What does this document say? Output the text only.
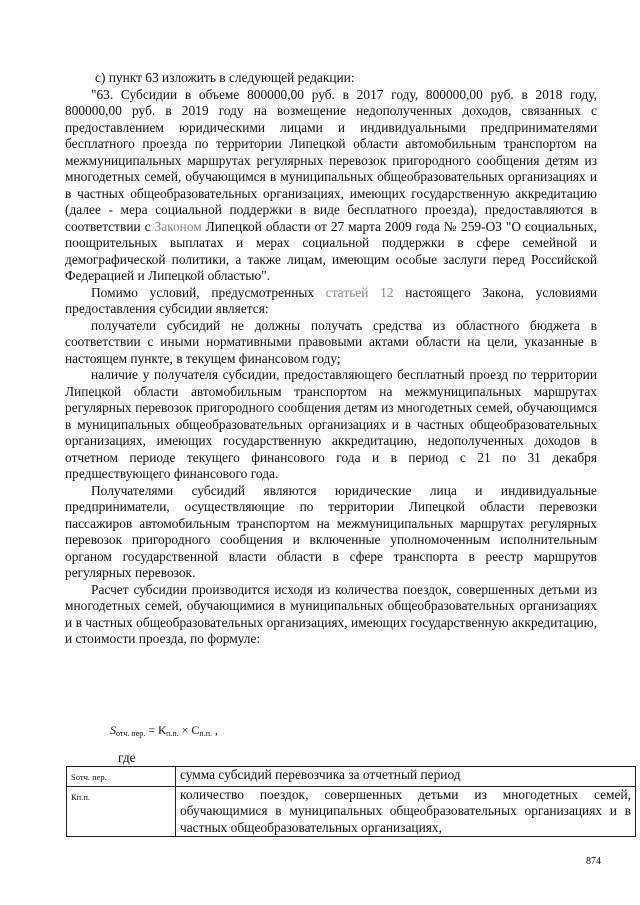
с) пункт 63 изложить в следующей редакции:

"63. Субсидии в объеме 800000,00 руб. в 2017 году, 800000,00 руб. в 2018 году, 800000,00 руб. в 2019 году на возмещение недополученных доходов, связанных с предоставлением юридическими лицами и индивидуальными предпринимателями бесплатного проезда по территории Липецкой области автомобильным транспортом на межмуниципальных маршрутах регулярных перевозок пригородного сообщения детям из многодетных семей, обучающимся в муниципальных общеобразовательных организациях и в частных общеобразовательных организациях, имеющих государственную аккредитацию (далее - мера социальной поддержки в виде бесплатного проезда), предоставляются в соответствии с Законом Липецкой области от 27 марта 2009 года № 259-ОЗ "О социальных, поощрительных выплатах и мерах социальной поддержки в сфере семейной и демографической политики, а также лицам, имеющим особые заслуги перед Российской Федерацией и Липецкой областью".

Помимо условий, предусмотренных статьей 12 настоящего Закона, условиями предоставления субсидии является:

получатели субсидий не должны получать средства из областного бюджета в соответствии с иными нормативными правовыми актами области на цели, указанные в настоящем пункте, в текущем финансовом году;

наличие у получателя субсидии, предоставляющего бесплатный проезд по территории Липецкой области автомобильным транспортом на межмуниципальных маршрутах регулярных перевозок пригородного сообщения детям из многодетных семей, обучающимся в муниципальных общеобразовательных организациях и в частных общеобразовательных организациях, имеющих государственную аккредитацию, недополученных доходов в отчетном периоде текущего финансового года и в период с 21 по 31 декабря предшествующего финансового года.

Получателями субсидий являются юридические лица и индивидуальные предприниматели, осуществляющие по территории Липецкой области перевозки пассажиров автомобильным транспортом на межмуниципальных маршрутах регулярных перевозок пригородного сообщения и включенные уполномоченным исполнительным органом государственной власти области в сфере транспорта в реестр маршрутов регулярных перевозок.

Расчет субсидии производится исходя из количества поездок, совершенных детьми из многодетных семей, обучающимися в муниципальных общеобразовательных организациях и в частных общеобразовательных организациях, имеющих государственную аккредитацию, и стоимости проезда, по формуле:

$S_{отч. пер.} = К_{п.п.} \times С_{п.п.}$ ,
где
Sотч. пер.	сумма субсидий перевозчика за отчетный период
Кп.п.	количество поездок, совершенных детьми из многодетных семей, обучающимися в муниципальных общеобразовательных организациях и в частных общеобразовательных организациях,
874
